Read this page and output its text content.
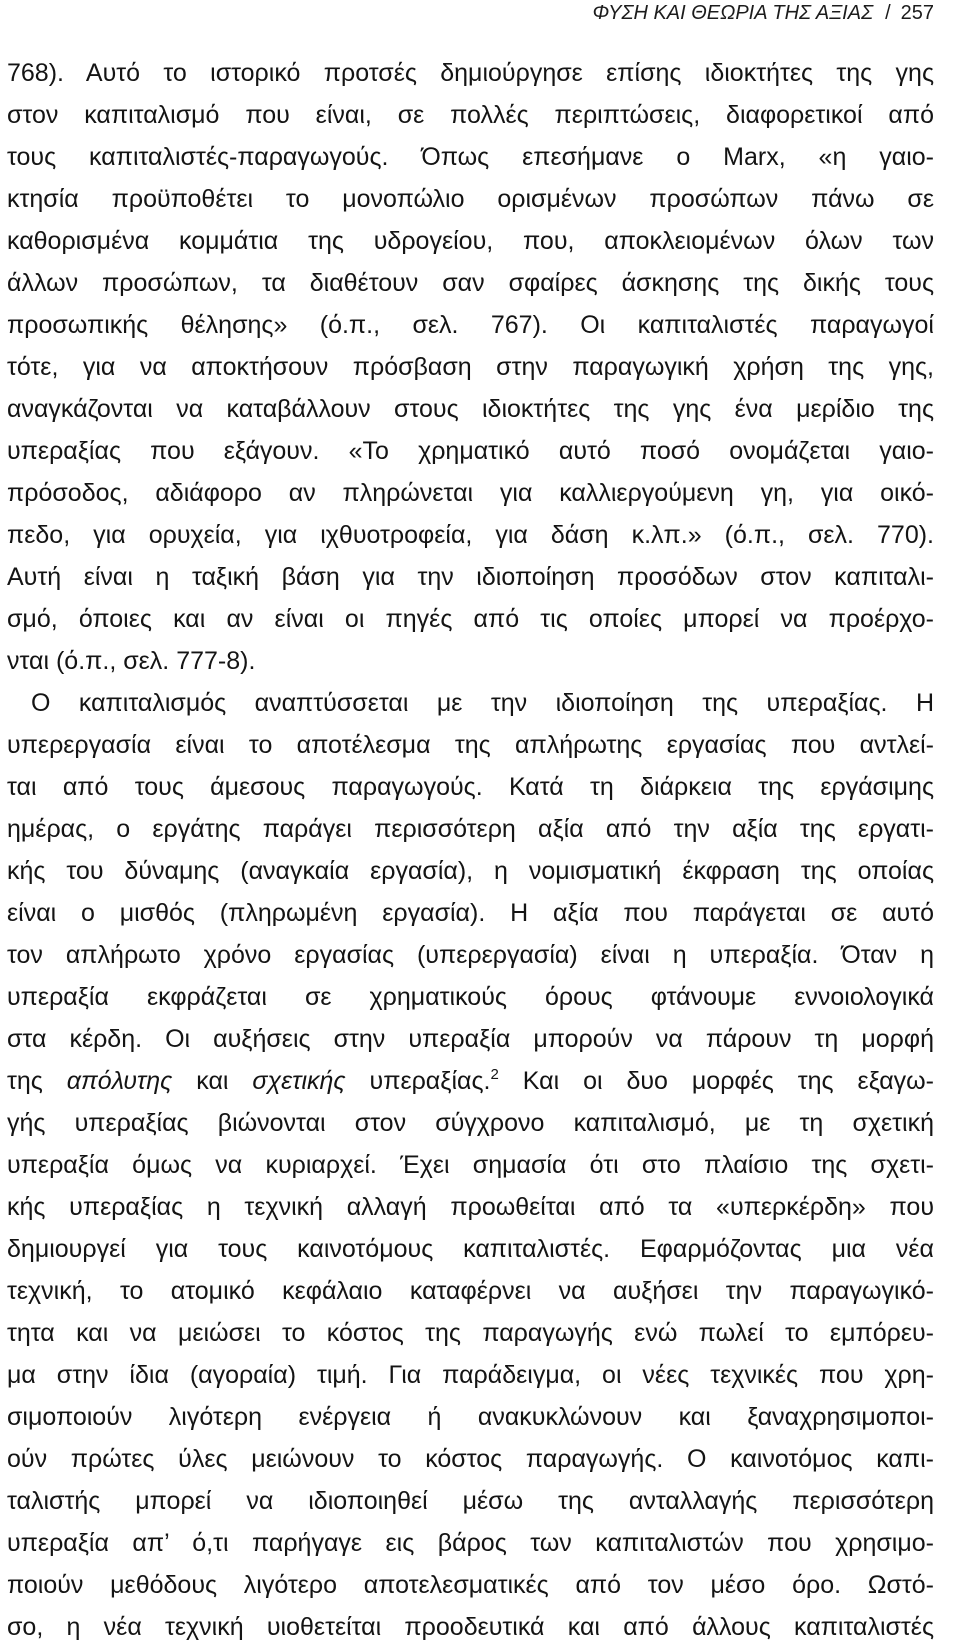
ΦΥΣΗ ΚΑΙ ΘΕΩΡΙΑ ΤΗΣ ΑΞΙΑΣ / 257
768). Αυτό το ιστορικό προτσές δημιούργησε επίσης ιδιοκτήτες της γης
στον καπιταλισμό που είναι, σε πολλές περιπτώσεις, διαφορετικοί από
τους καπιταλιστές-παραγωγούς. Όπως επεσήμανε ο Marx, «η γαιο-
κτησία προϋποθέτει το μονοπώλιο ορισμένων προσώπων πάνω σε
καθορισμένα κομμάτια της υδρογείου, που, αποκλειομένων όλων των
άλλων προσώπων, τα διαθέτουν σαν σφαίρες άσκησης της δικής τους
προσωπικής θέλησης» (ό.π., σελ. 767). Οι καπιταλιστές παραγωγοί
τότε, για να αποκτήσουν πρόσβαση στην παραγωγική χρήση της γης,
αναγκάζονται να καταβάλλουν στους ιδιοκτήτες της γης ένα μερίδιο της
υπεραξίας που εξάγουν. «Το χρηματικό αυτό ποσό ονομάζεται γαιο-
πρόσοδος, αδιάφορο αν πληρώνεται για καλλιεργούμενη γη, για οικό-
πεδο, για ορυχεία, για ιχθυοτροφεία, για δάση κ.λπ.» (ό.π., σελ. 770).
Αυτή είναι η ταξική βάση για την ιδιοποίηση προσόδων στον καπιταλι-
σμό, όποιες και αν είναι οι πηγές από τις οποίες μπορεί να προέρχο-
νται (ό.π., σελ. 777-8).
Ο καπιταλισμός αναπτύσσεται με την ιδιοποίηση της υπεραξίας. Η
υπερεργασία είναι το αποτέλεσμα της απλήρωτης εργασίας που αντλεί-
ται από τους άμεσους παραγωγούς. Κατά τη διάρκεια της εργάσιμης
ημέρας, ο εργάτης παράγει περισσότερη αξία από την αξία της εργατι-
κής του δύναμης (αναγκαία εργασία), η νομισματική έκφραση της οποίας
είναι ο μισθός (πληρωμένη εργασία). Η αξία που παράγεται σε αυτό
τον απλήρωτο χρόνο εργασίας (υπερεργασία) είναι η υπεραξία. Όταν η
υπεραξία εκφράζεται σε χρηματικούς όρους φτάνουμε εννοιολογικά
στα κέρδη. Οι αυξήσεις στην υπεραξία μπορούν να πάρουν τη μορφή
της απόλυτης και σχετικής υπεραξίας.$^2$ Και οι δυο μορφές της εξαγω-
γής υπεραξίας βιώνονται στον σύγχρονο καπιταλισμό, με τη σχετική
υπεραξία όμως να κυριαρχεί. Έχει σημασία ότι στο πλαίσιο της σχετι-
κής υπεραξίας η τεχνική αλλαγή προωθείται από τα «υπερκέρδη» που
δημιουργεί για τους καινοτόμους καπιταλιστές. Εφαρμόζοντας μια νέα
τεχνική, το ατομικό κεφάλαιο καταφέρνει να αυξήσει την παραγωγικό-
τητα και να μειώσει το κόστος της παραγωγής ενώ πωλεί το εμπόρευ-
μα στην ίδια (αγοραία) τιμή. Για παράδειγμα, οι νέες τεχνικές που χρη-
σιμοποιούν λιγότερη ενέργεια ή ανακυκλώνουν και ξαναχρησιμοποι-
ούν πρώτες ύλες μειώνουν το κόστος παραγωγής. Ο καινοτόμος καπι-
ταλιστής μπορεί να ιδιοποιηθεί μέσω της ανταλλαγής περισσότερη
υπεραξία απ’ ό,τι παρήγαγε εις βάρος των καπιταλιστών που χρησιμο-
ποιούν μεθόδους λιγότερο αποτελεσματικές από τον μέσο όρο. Ωστό-
σο, η νέα τεχνική υιοθετείται προοδευτικά και από άλλους καπιταλιστές
